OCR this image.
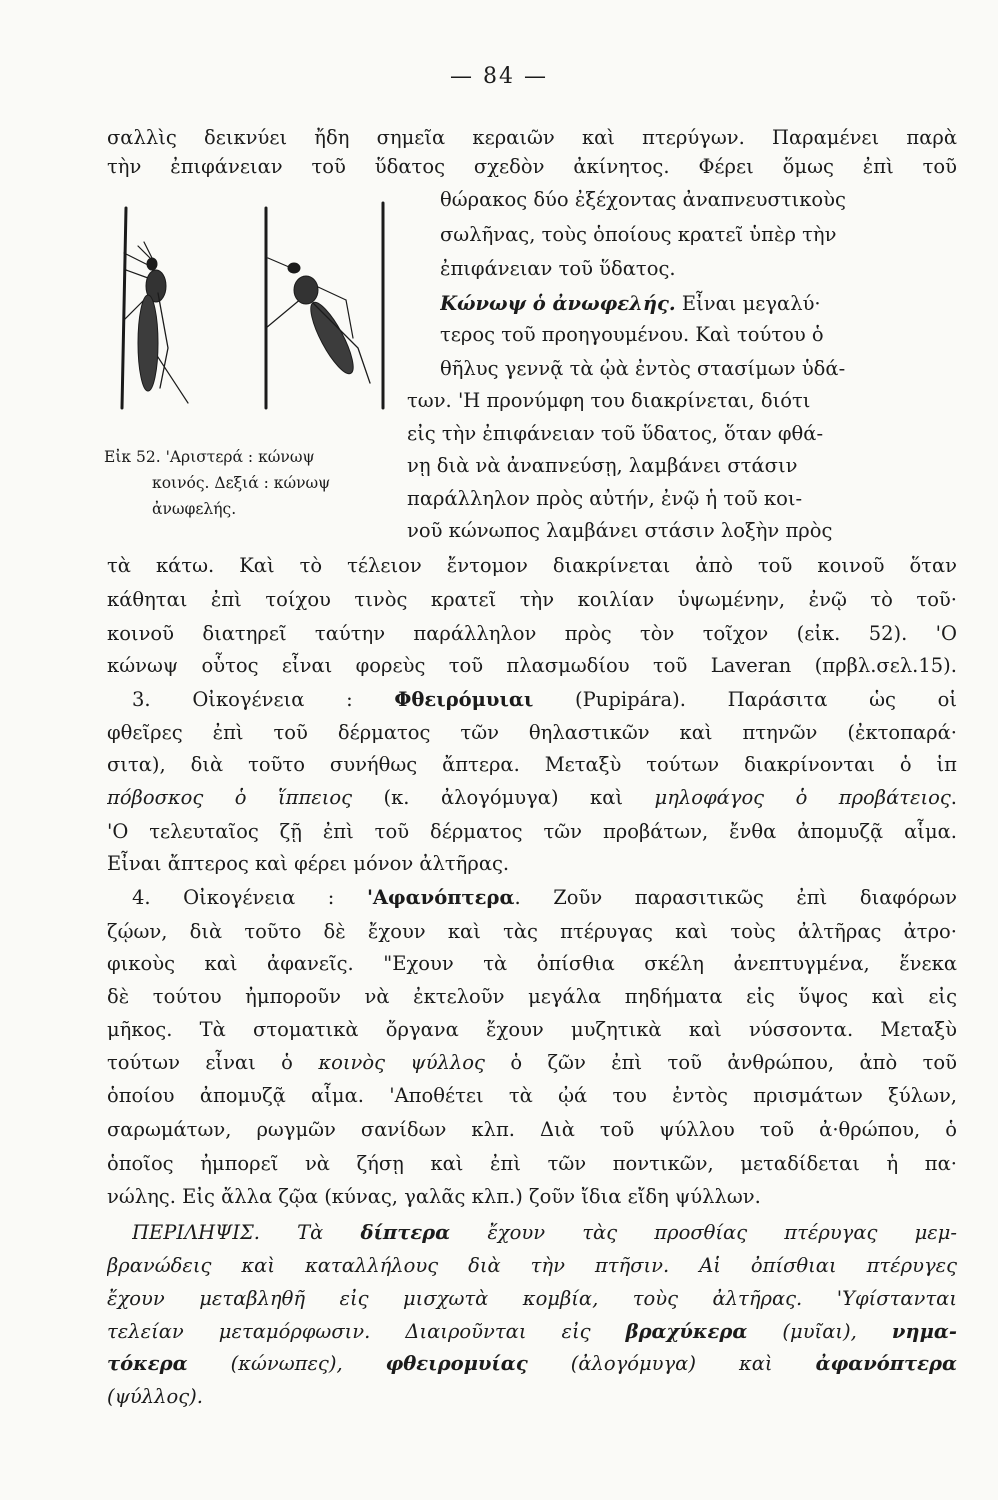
— 84 —
σαλλὶς δεικνύει ἤδη σημεῖα κεραιῶν καὶ πτερύγων. Παραμένει παρὰ
τὴν ἐπιφάνειαν τοῦ ὕδατος σχεδὸν ἀκίνητος. Φέρει ὅμως ἐπὶ τοῦ
θώρακος δύο ἐξέχοντας ἀναπνευστικοὺς
σωλῆνας, τοὺς ὁποίους κρατεῖ ὑπὲρ τὴν
ἐπιφάνειαν τοῦ ὕδατος.
Κώνωψ ὁ ἀνωφελής. Εἶναι μεγαλύ·
τερος τοῦ προηγουμένου. Καὶ τούτου ὁ
θῆλυς γεννᾷ τὰ ᾠὰ ἐντὸς στασίμων ὑδά-
των. 'Η προνύμφη του διακρίνεται, διότι
εἰς τὴν ἐπιφάνειαν τοῦ ὕδατος, ὅταν φθά-
νῃ διὰ νὰ ἀναπνεύσῃ, λαμβάνει στάσιν
παράλληλον πρὸς αὐτήν, ἐνῷ ἡ τοῦ κοι-
νοῦ κώνωπος λαμβάνει στάσιν λοξὴν πρὸς
Εἰκ 52. 'Αριστερά : κώνωψ
κοινός. Δεξιά : κώνωψ
ἀνωφελής.
τὰ κάτω. Καὶ τὸ τέλειον ἔντομον διακρίνεται ἀπὸ τοῦ κοινοῦ ὅταν
κάθηται ἐπὶ τοίχου τινὸς κρατεῖ τὴν κοιλίαν ὑψωμένην, ἐνῷ τὸ τοῦ·
κοινοῦ διατηρεῖ ταύτην παράλληλον πρὸς τὸν τοῖχον (εἰκ. 52). 'Ο
κώνωψ οὗτος εἶναι φορεὺς τοῦ πλασμωδίου τοῦ Laveran (πρβλ.σελ.15).
3. Οἰκογένεια : Φθειρόμυιαι (Pupipára). Παράσιτα ὡς οἱ
φθεῖρες ἐπὶ τοῦ δέρματος τῶν θηλαστικῶν καὶ πτηνῶν (ἐκτοπαρά·
σιτα), διὰ τοῦτο συνήθως ἄπτερα. Μεταξὺ τούτων διακρίνονται ὁ ἱπ
πόβοσκος ὁ ἵππειος (κ. ἀλογόμυγα) καὶ μηλοφάγος ὁ προβάτειος.
'Ο τελευταῖος ζῇ ἐπὶ τοῦ δέρματος τῶν προβάτων, ἔνθα ἀπομυζᾷ αἷμα.
Εἶναι ἄπτερος καὶ φέρει μόνον ἀλτῆρας.
4. Οἰκογένεια : 'Αφανόπτερα. Ζοῦν παρασιτικῶς ἐπὶ διαφόρων
ζῴων, διὰ τοῦτο δὲ ἔχουν καὶ τὰς πτέρυγας καὶ τοὺς ἀλτῆρας ἀτρο·
φικοὺς καὶ ἀφανεῖς. "Εχουν τὰ ὀπίσθια σκέλη ἀνεπτυγμένα, ἕνεκα
δὲ τούτου ἠμποροῦν νὰ ἐκτελοῦν μεγάλα πηδήματα εἰς ὕψος καὶ εἰς
μῆκος. Τὰ στοματικὰ ὄργανα ἔχουν μυζητικὰ καὶ νύσσοντα. Μεταξὺ
τούτων εἶναι ὁ κοινὸς ψύλλος ὁ ζῶν ἐπὶ τοῦ ἀνθρώπου, ἀπὸ τοῦ
ὁποίου ἀπομυζᾷ αἷμα. 'Αποθέτει τὰ ᾠά του ἐντὸς πρισμάτων ξύλων,
σαρωμάτων, ρωγμῶν σανίδων κλπ. Διὰ τοῦ ψύλλου τοῦ ἀ·θρώπου, ὁ
ὁποῖος ἠμπορεῖ νὰ ζήσῃ καὶ ἐπὶ τῶν ποντικῶν, μεταδίδεται ἡ πα·
νώλης. Εἰς ἄλλα ζῷα (κύνας, γαλᾶς κλπ.) ζοῦν ἴδια εἴδη ψύλλων.
ΠΕΡΙΛΗΨΙΣ. Τὰ δίπτερα ἔχουν τὰς προσθίας πτέρυγας μεμ-
βρανώδεις καὶ καταλλήλους διὰ τὴν πτῆσιν. Αἱ ὀπίσθιαι πτέρυγες
ἔχουν μεταβληθῆ εἰς μισχωτὰ κομβία, τοὺς ἀλτῆρας. 'Υφίστανται
τελείαν μεταμόρφωσιν. Διαιροῦνται εἰς βραχύκερα (μυῖαι), νημα-
τόκερα (κώνωπες), φθειρομυίας (ἀλογόμυγα) καὶ ἀφανόπτερα
(ψύλλος).
